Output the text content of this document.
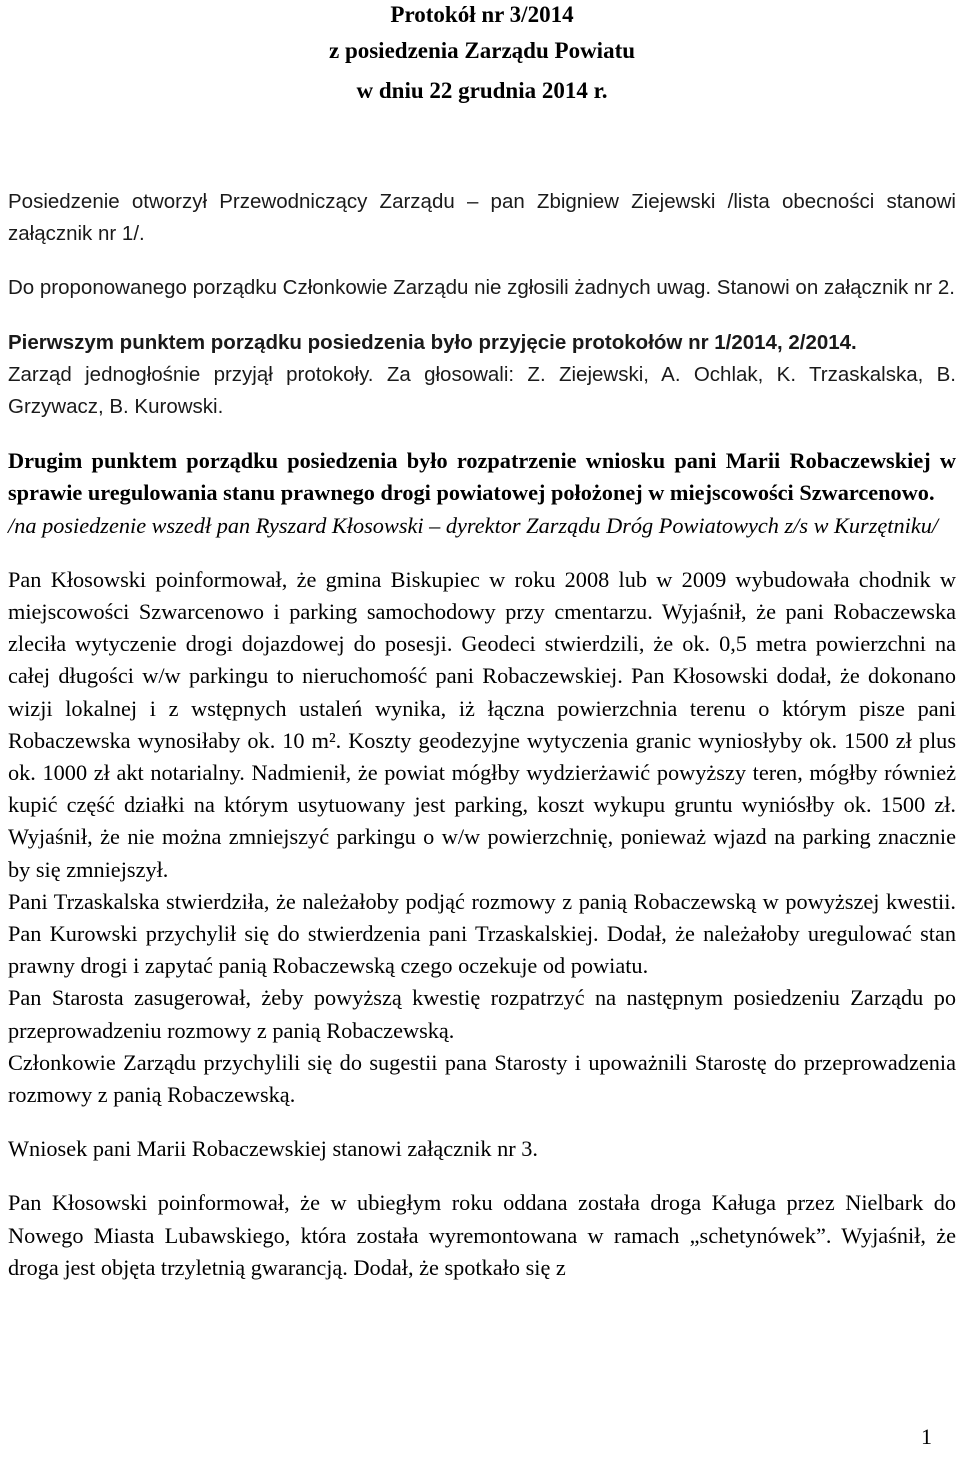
Protokół nr 3/2014

z posiedzenia Zarządu Powiatu

w dniu 22 grudnia 2014 r.

Posiedzenie otworzył Przewodniczący Zarządu – pan Zbigniew Ziejewski /lista obecności stanowi załącznik nr 1/.

Do proponowanego porządku Członkowie Zarządu nie zgłosili żadnych uwag. Stanowi on załącznik nr 2.

Pierwszym punktem porządku posiedzenia było przyjęcie protokołów nr 1/2014, 2/2014.

Zarząd jednogłośnie przyjął protokoły. Za głosowali: Z. Ziejewski, A. Ochlak, K. Trzaskalska, B. Grzywacz, B. Kurowski.

Drugim punktem porządku posiedzenia było rozpatrzenie wniosku pani Marii Robaczewskiej w sprawie uregulowania stanu prawnego drogi powiatowej położonej w miejscowości Szwarcenowo.

/na posiedzenie wszedł pan Ryszard Kłosowski – dyrektor Zarządu Dróg Powiatowych z/s w Kurzętniku/

Pan Kłosowski poinformował, że gmina Biskupiec w roku 2008 lub w 2009 wybudowała chodnik w miejscowości Szwarcenowo i parking samochodowy przy cmentarzu. Wyjaśnił, że pani Robaczewska zleciła wytyczenie drogi dojazdowej do posesji. Geodeci stwierdzili, że ok. 0,5 metra powierzchni na całej długości w/w parkingu to nieruchomość pani Robaczewskiej. Pan Kłosowski dodał, że dokonano wizji lokalnej i z wstępnych ustaleń wynika, iż łączna powierzchnia terenu o którym pisze pani Robaczewska wynosiłaby ok. 10 m². Koszty geodezyjne wytyczenia granic wyniosłyby ok. 1500 zł plus ok. 1000 zł akt notarialny. Nadmienił, że powiat mógłby wydzierżawić powyższy teren, mógłby również kupić część działki na którym usytuowany jest parking, koszt wykupu gruntu wyniósłby ok. 1500 zł. Wyjaśnił, że nie można zmniejszyć parkingu o w/w powierzchnię, ponieważ wjazd na parking znacznie by się zmniejszył.

Pani Trzaskalska stwierdziła, że należałoby podjąć rozmowy z panią Robaczewską w powyższej kwestii. Pan Kurowski przychylił się do stwierdzenia pani Trzaskalskiej. Dodał, że należałoby uregulować stan prawny drogi i zapytać panią Robaczewską czego oczekuje od powiatu.

Pan Starosta zasugerował, żeby powyższą kwestię rozpatrzyć na następnym posiedzeniu Zarządu po przeprowadzeniu rozmowy z panią Robaczewską.

Członkowie Zarządu przychylili się do sugestii pana Starosty i upoważnili Starostę do przeprowadzenia rozmowy z panią Robaczewską.

Wniosek pani Marii Robaczewskiej stanowi załącznik nr 3.

Pan Kłosowski poinformował, że w ubiegłym roku oddana została droga Kaługa przez Nielbark do Nowego Miasta Lubawskiego, która została wyremontowana w ramach „schetynówek”. Wyjaśnił, że droga jest objęta trzyletnią gwarancją. Dodał, że spotkało się z

1
